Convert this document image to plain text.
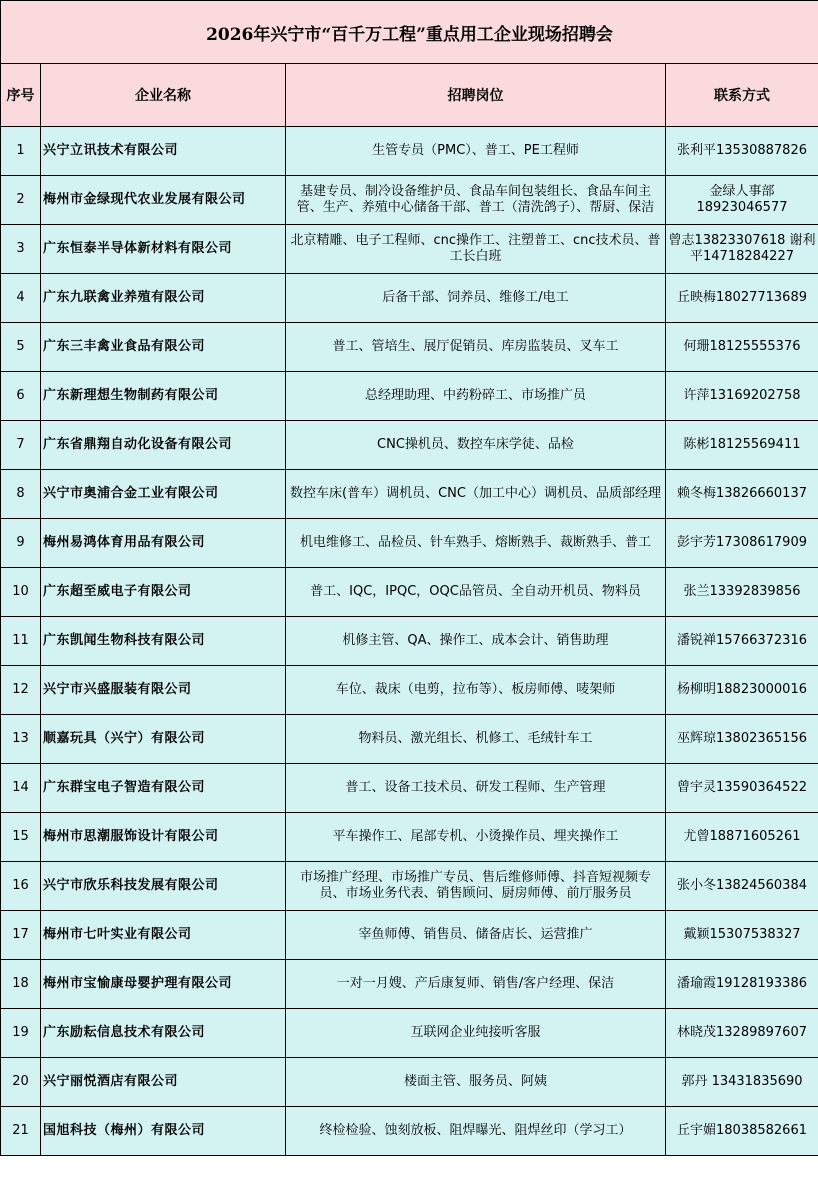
2026年兴宁市“百千万工程”重点用工企业现场招聘会			
序号	企业名称	招聘岗位	联系方式
1	兴宁立讯技术有限公司	生管专员（PMC）、普工、PE工程师	张利平13530887826
2	梅州市金绿现代农业发展有限公司	基建专员、制冷设备维护员、食品车间包装组长、食品车间主管、生产、养殖中心储备干部、普工（清洗鸽子）、帮厨、保洁	金绿人事部 18923046577
3	广东恒泰半导体新材料有限公司	北京精雕、电子工程师、cnc操作工、注塑普工、cnc技术员、普工长白班	曾志13823307618 谢利平14718284227
4	广东九联禽业养殖有限公司	后备干部、饲养员、维修工/电工	丘映梅18027713689
5	广东三丰禽业食品有限公司	普工、管培生、展厅促销员、库房监装员、叉车工	何珊18125555376
6	广东新理想生物制药有限公司	总经理助理、中药粉碎工、市场推广员	许萍13169202758
7	广东省鼎翔自动化设备有限公司	CNC操机员、数控车床学徒、品检	陈彬18125569411
8	兴宁市奥浦合金工业有限公司	数控车床(普车）调机员、CNC（加工中心）调机员、品质部经理	赖冬梅13826660137
9	梅州易鸿体育用品有限公司	机电维修工、品检员、针车熟手、熔断熟手、裁断熟手、普工	彭宇芳17308617909
10	广东超至威电子有限公司	普工、IQC，IPQC，OQC品管员、全自动开机员、物料员	张兰13392839856
11	广东凯闻生物科技有限公司	机修主管、QA、操作工、成本会计、销售助理	潘锐禅15766372316
12	兴宁市兴盛服装有限公司	车位、裁床（电剪，拉布等）、板房师傅、唛架师	杨柳明18823000016
13	顺嘉玩具（兴宁）有限公司	物料员、激光组长、机修工、毛绒针车工	巫辉琼13802365156
14	广东群宝电子智造有限公司	普工、设备工技术员、研发工程师、生产管理	曾宇灵13590364522
15	梅州市思潮服饰设计有限公司	平车操作工、尾部专机、小烫操作员、埋夹操作工	尤曾18871605261
16	兴宁市欣乐科技发展有限公司	市场推广经理、市场推广专员、售后维修师傅、抖音短视频专员、市场业务代表、销售顾问、厨房师傅、前厅服务员	张小冬13824560384
17	梅州市七叶实业有限公司	宰鱼师傅、销售员、储备店长、运营推广	戴颖15307538327
18	梅州市宝愉康母婴护理有限公司	一对一月嫂、产后康复师、销售/客户经理、保洁	潘瑜霞19128193386
19	广东励耘信息技术有限公司	互联网企业纯接听客服	林晓茂13289897607
20	兴宁丽悦酒店有限公司	楼面主管、服务员、阿姨	郭丹 13431835690
21	国旭科技（梅州）有限公司	终检检验、蚀刻放板、阻焊曝光、阻焊丝印（学习工）	丘宇媚18038582661
